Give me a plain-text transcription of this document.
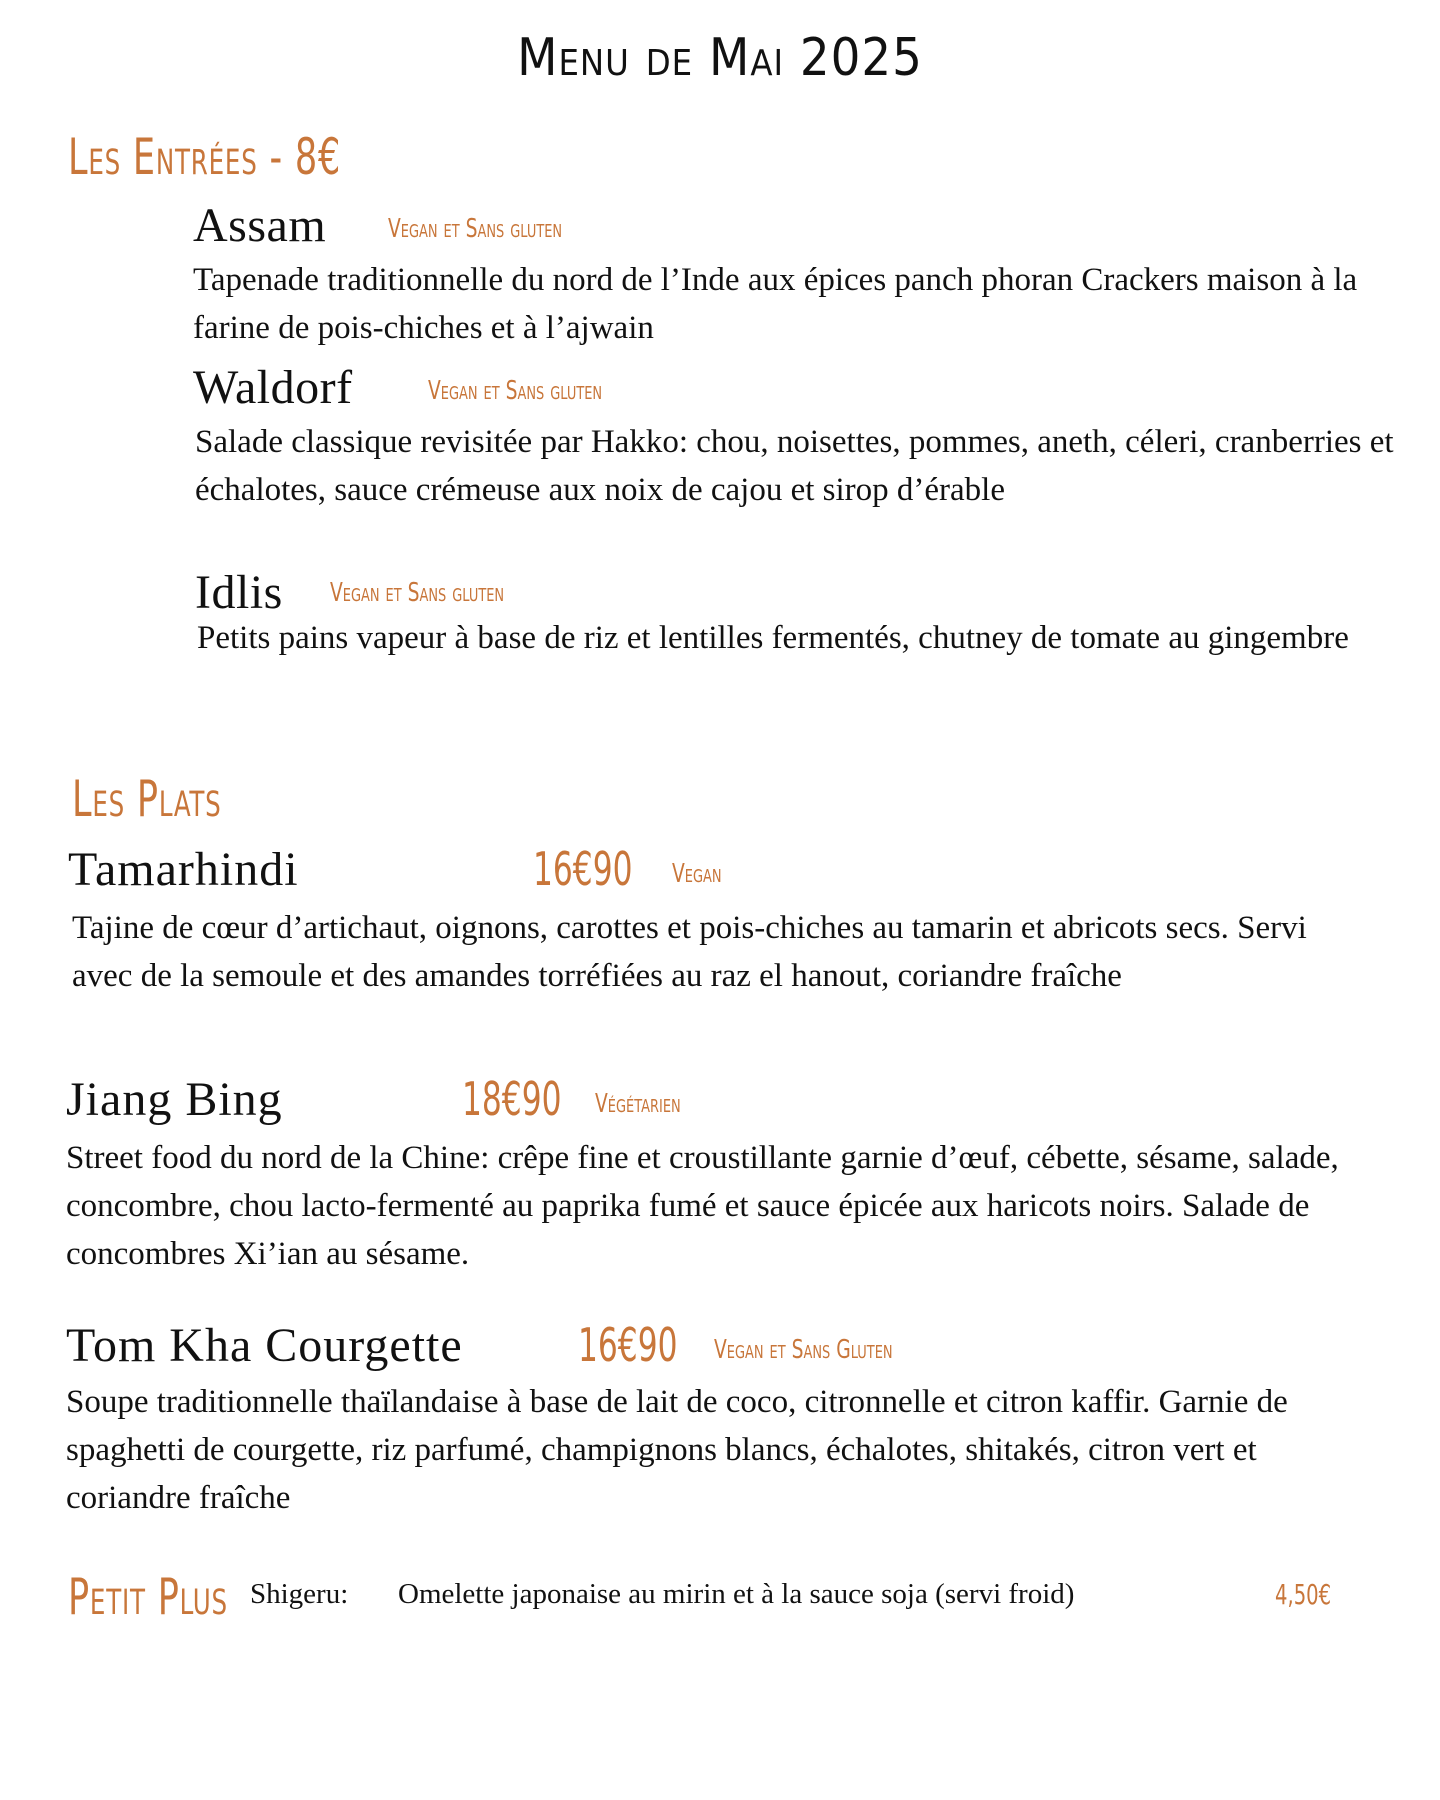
Menu de Mai 2025
Les Entrées - 8€
Assam Vegan et Sans gluten
Tapenade traditionnelle du nord de l’Inde aux épices panch phoran Crackers maison à la farine de pois-chiches et à l’ajwain
Waldorf	Vegan et Sans gluten
Salade classique revisitée par Hakko: chou, noisettes, pommes, aneth, céleri, cranberries et échalotes, sauce crémeuse aux noix de cajou et sirop d’érable
Idlis Vegan et Sans gluten
Petits pains vapeur à base de riz et lentilles fermentés, chutney de tomate au gingembre
Les Plats
Tamarhindi	16€90 Vegan
Tajine de cœur d’artichaut, oignons, carottes et pois-chiches au tamarin et abricots secs. Servi avec de la semoule et des amandes torréfiées au raz el hanout, coriandre fraîche
Jiang Bing	18€90 Végétarien
Street food du nord de la Chine: crêpe fine et croustillante garnie d’œuf, cébette, sésame, salade, concombre, chou lacto-fermenté au paprika fumé et sauce épicée aux haricots noirs. Salade de concombres Xi’ian au sésame.
Tom Kha Courgette	16€90 Vegan et Sans Gluten
Soupe traditionnelle thaïlandaise à base de lait de coco, citronnelle et citron kaffir. Garnie de spaghetti de courgette, riz parfumé, champignons blancs, échalotes, shitakés, citron vert et coriandre fraîche
Petit Plus Shigeru: Omelette japonaise au mirin et à la sauce soja (servi froid)	4,50€
